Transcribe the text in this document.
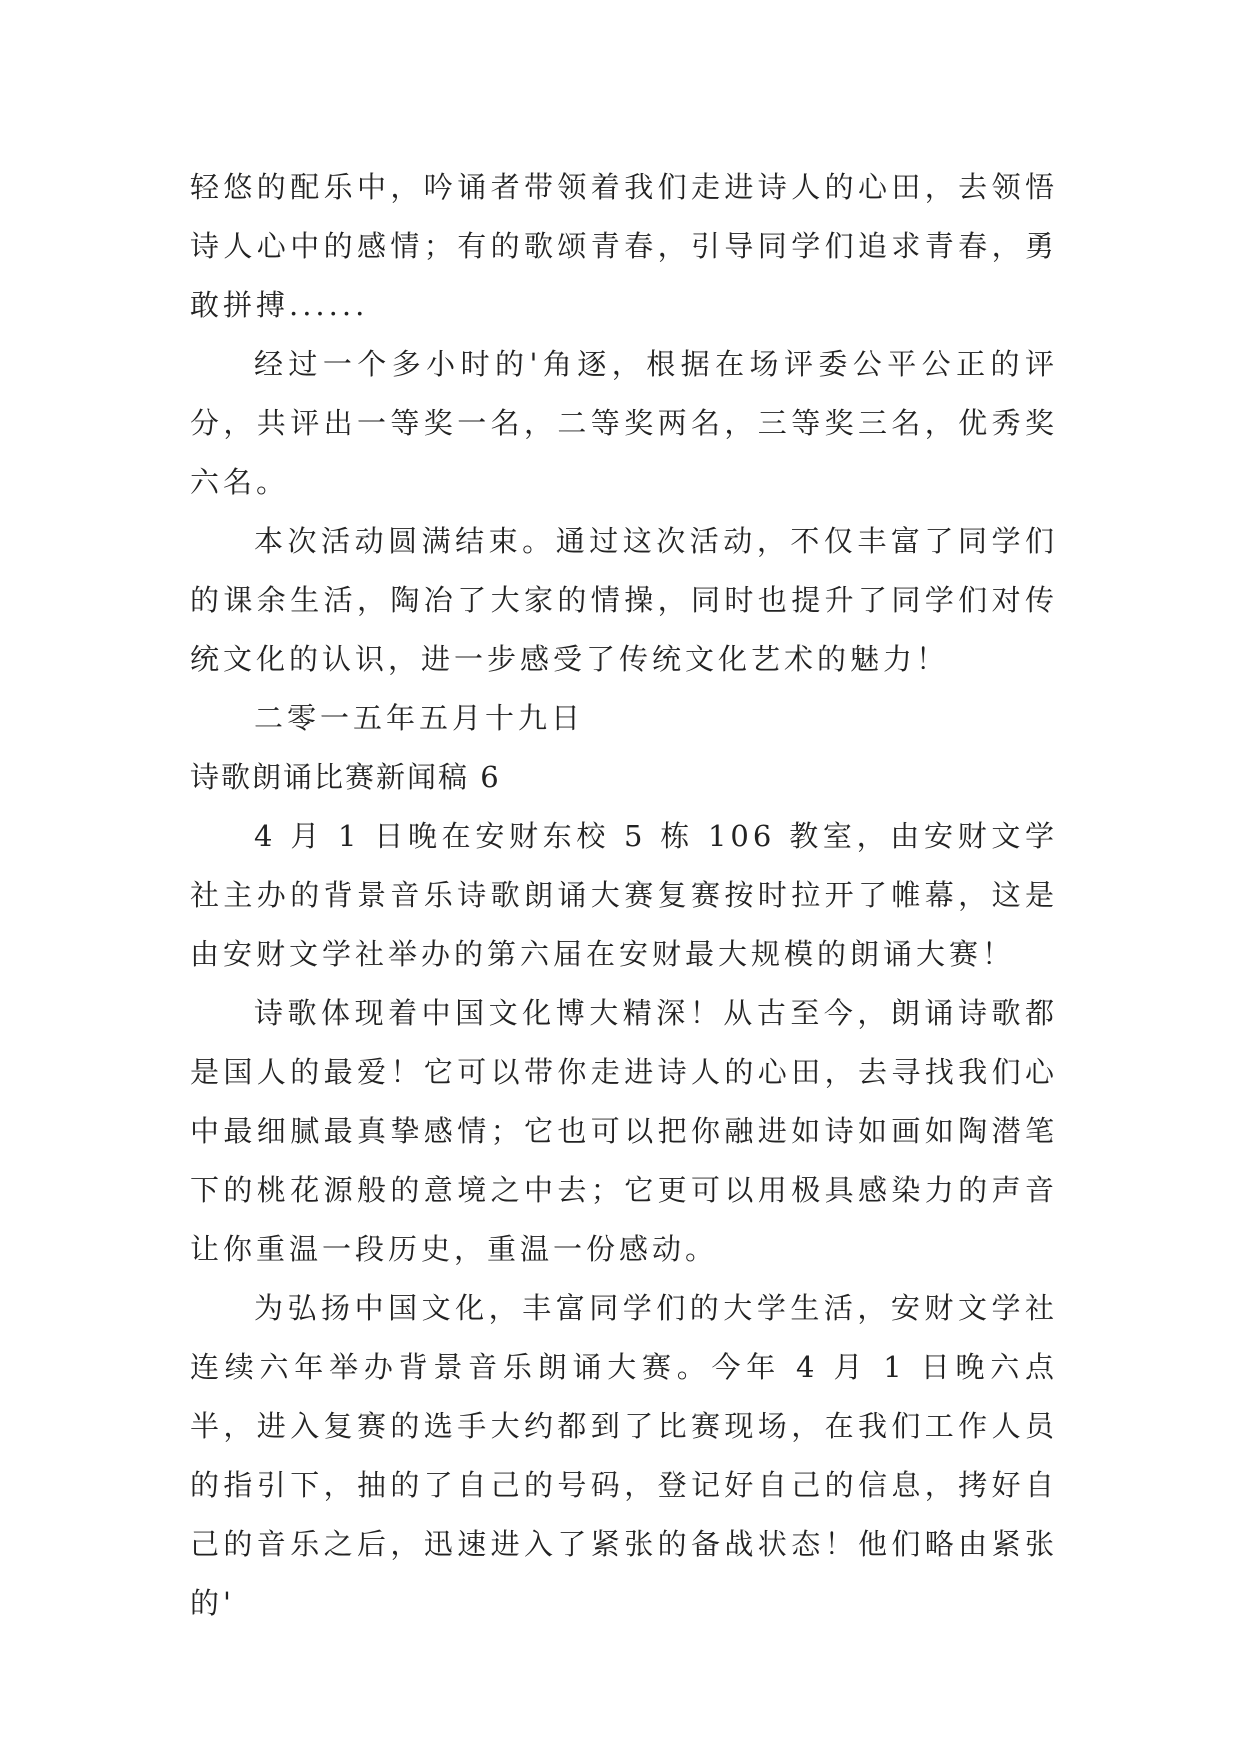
轻悠的配乐中，吟诵者带领着我们走进诗人的心田，去领悟诗人心中的感情；有的歌颂青春，引导同学们追求青春，勇敢拼搏......

经过一个多小时的'角逐，根据在场评委公平公正的评分，共评出一等奖一名，二等奖两名，三等奖三名，优秀奖六名。

本次活动圆满结束。通过这次活动，不仅丰富了同学们的课余生活，陶冶了大家的情操，同时也提升了同学们对传统文化的认识，进一步感受了传统文化艺术的魅力！

二零一五年五月十九日

诗歌朗诵比赛新闻稿 6

4 月 1 日晚在安财东校 5 栋 106 教室，由安财文学社主办的背景音乐诗歌朗诵大赛复赛按时拉开了帷幕，这是由安财文学社举办的第六届在安财最大规模的朗诵大赛！

诗歌体现着中国文化博大精深！从古至今，朗诵诗歌都是国人的最爱！它可以带你走进诗人的心田，去寻找我们心中最细腻最真挚感情；它也可以把你融进如诗如画如陶潜笔下的桃花源般的意境之中去；它更可以用极具感染力的声音让你重温一段历史，重温一份感动。

为弘扬中国文化，丰富同学们的大学生活，安财文学社连续六年举办背景音乐朗诵大赛。今年 4 月 1 日晚六点半，进入复赛的选手大约都到了比赛现场，在我们工作人员的指引下，抽的了自己的号码，登记好自己的信息，拷好自己的音乐之后，迅速进入了紧张的备战状态！他们略由紧张的'
